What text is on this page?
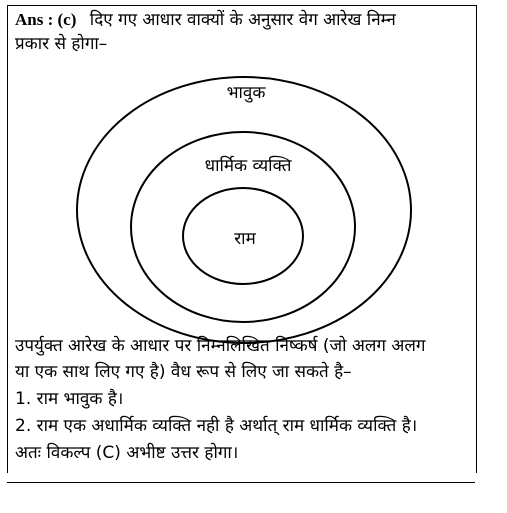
Ans : (c) दिए गए आधार वाक्यों के अनुसार वेग आरेख निम्न
प्रकार से होगा–
भावुक
धार्मिक व्यक्ति
राम
उपर्युक्त आरेख के आधार पर निम्नलिखित निष्कर्ष (जो अलग अलग
या एक साथ लिए गए है) वैध रूप से लिए जा सकते है–
1. राम भावुक है।
2. राम एक अधार्मिक व्यक्ति नही है अर्थात् राम धार्मिक व्यक्ति है।
अतः विकल्प (C) अभीष्ट उत्तर होगा।
